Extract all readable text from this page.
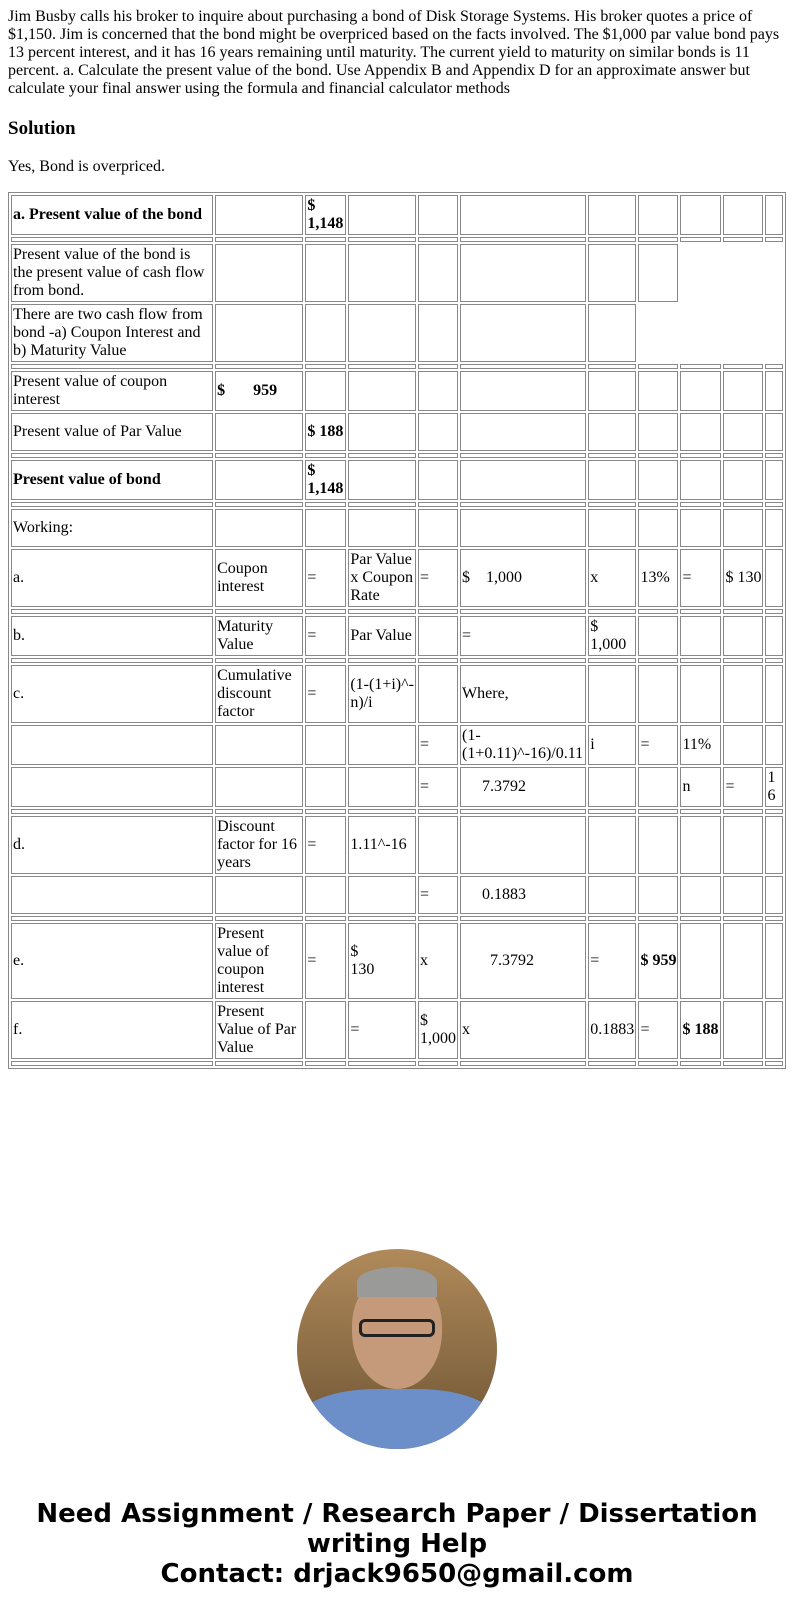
Jim Busby calls his broker to inquire about purchasing a bond of Disk Storage Systems. His broker quotes a price of $1,150. Jim is concerned that the bond might be overpriced based on the facts involved. The $1,000 par value bond pays 13 percent interest, and it has 16 years remaining until maturity. The current yield to maturity on similar bonds is 11 percent. a. Calculate the present value of the bond. Use Appendix B and Appendix D for an approximate answer but calculate your final answer using the formula and financial calculator methods

Solution

Yes, Bond is overpriced.

a. Present value of the bond		$ 1,148								

Present value of the bond is the present value of cash flow from bond.										
There are two cash flow from bond -a) Coupon Interest and b) Maturity Value										

Present value of coupon interest	$       959									
Present value of Par Value		$ 188								

Present value of bond		$ 1,148								

Working:										
a.	Coupon interest	=	Par Value x Coupon Rate	=	$    1,000	x	13%	=	$ 130	

b.	Maturity Value	=	Par Value		=	$ 1,000				

c.	Cumulative discount factor	=	(1-(1+i)^-n)/i		Where,					
				=	(1-(1+0.11)^-16)/0.11	i	=	11%		
				=	7.3792			n	=	16

d.	Discount factor for 16 years	=	1.11^-16							
				=	0.1883					

e.	Present value of coupon interest	=	$        130	x	7.3792	=	$ 959			
f.	Present Value of Par Value		=	$ 1,000	x	0.1883	=	$ 188		

Need Assignment / Research Paper / Dissertation writing Help
Contact: drjack9650@gmail.com
